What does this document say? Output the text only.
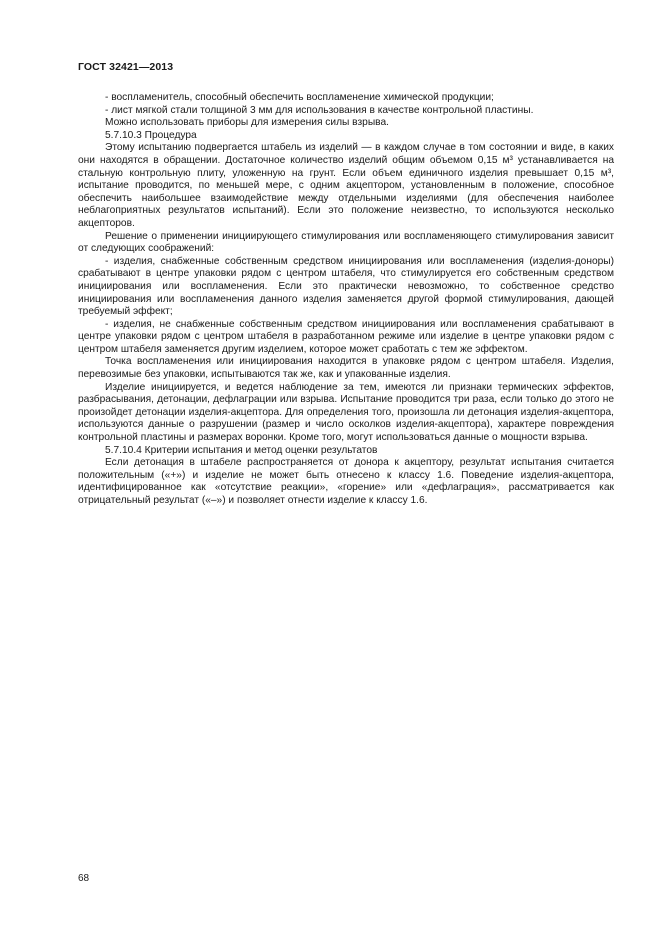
ГОСТ 32421—2013

- воспламенитель, способный обеспечить воспламенение химической продукции;

- лист мягкой стали толщиной 3 мм для использования в качестве контрольной пластины.

Можно использовать приборы для измерения силы взрыва.

5.7.10.3 Процедура

Этому испытанию подвергается штабель из изделий — в каждом случае в том состоянии и виде, в каких они находятся в обращении. Достаточное количество изделий общим объемом 0,15 м³ устанавливается на стальную контрольную плиту, уложенную на грунт. Если объем единичного изделия превышает 0,15 м³, испытание проводится, по меньшей мере, с одним акцептором, установленным в положение, способное обеспечить наибольшее взаимодействие между отдельными изделиями (для обеспечения наиболее неблагоприятных результатов испытаний). Если это положение неизвестно, то используются несколько акцепторов.

Решение о применении инициирующего стимулирования или воспламеняющего стимулирования зависит от следующих соображений:

- изделия, снабженные собственным средством инициирования или воспламенения (изделия-доноры) срабатывают в центре упаковки рядом с центром штабеля, что стимулируется его собственным средством инициирования или воспламенения. Если это практически невозможно, то собственное средство инициирования или воспламенения данного изделия заменяется другой формой стимулирования, дающей требуемый эффект;

- изделия, не снабженные собственным средством инициирования или воспламенения срабатывают в центре упаковки рядом с центром штабеля в разработанном режиме или изделие в центре упаковки рядом с центром штабеля заменяется другим изделием, которое может сработать с тем же эффектом.

Точка воспламенения или инициирования находится в упаковке рядом с центром штабеля. Изделия, перевозимые без упаковки, испытываются так же, как и упакованные изделия.

Изделие инициируется, и ведется наблюдение за тем, имеются ли признаки термических эффектов, разбрасывания, детонации, дефлаграции или взрыва. Испытание проводится три раза, если только до этого не произойдет детонации изделия-акцептора. Для определения того, произошла ли детонация изделия-акцептора, используются данные о разрушении (размер и число осколков изделия-акцептора), характере повреждения контрольной пластины и размерах воронки. Кроме того, могут использоваться данные о мощности взрыва.

5.7.10.4 Критерии испытания и метод оценки результатов

Если детонация в штабеле распространяется от донора к акцептору, результат испытания считается положительным («+») и изделие не может быть отнесено к классу 1.6. Поведение изделия-акцептора, идентифицированное как «отсутствие реакции», «горение» или «дефлаграция», рассматривается как отрицательный результат («–») и позволяет отнести изделие к классу 1.6.

68
